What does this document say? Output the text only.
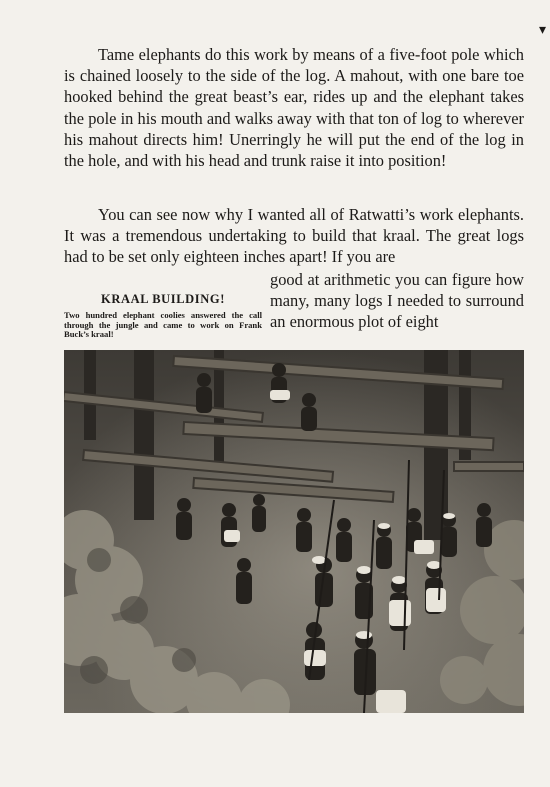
▾

Tame elephants do this work by means of a five-foot pole which is chained loosely to the side of the log. A mahout, with one bare toe hooked behind the great beast’s ear, rides up and the elephant takes the pole in his mouth and walks away with that ton of log to wherever his mahout directs him! Unerringly he will put the end of the log in the hole, and with his head and trunk raise it into position!

You can see now why I wanted all of Ratwatti’s work elephants. It was a tremendous undertaking to build that kraal. The great logs had to be set only eighteen inches apart! If you are

KRAAL BUILDING!

Two hundred elephant coolies answered the call through the jungle and came to work on Frank Buck’s kraal!

good at arithmetic you can figure how many, many logs I needed to surround an enormous plot of eight
